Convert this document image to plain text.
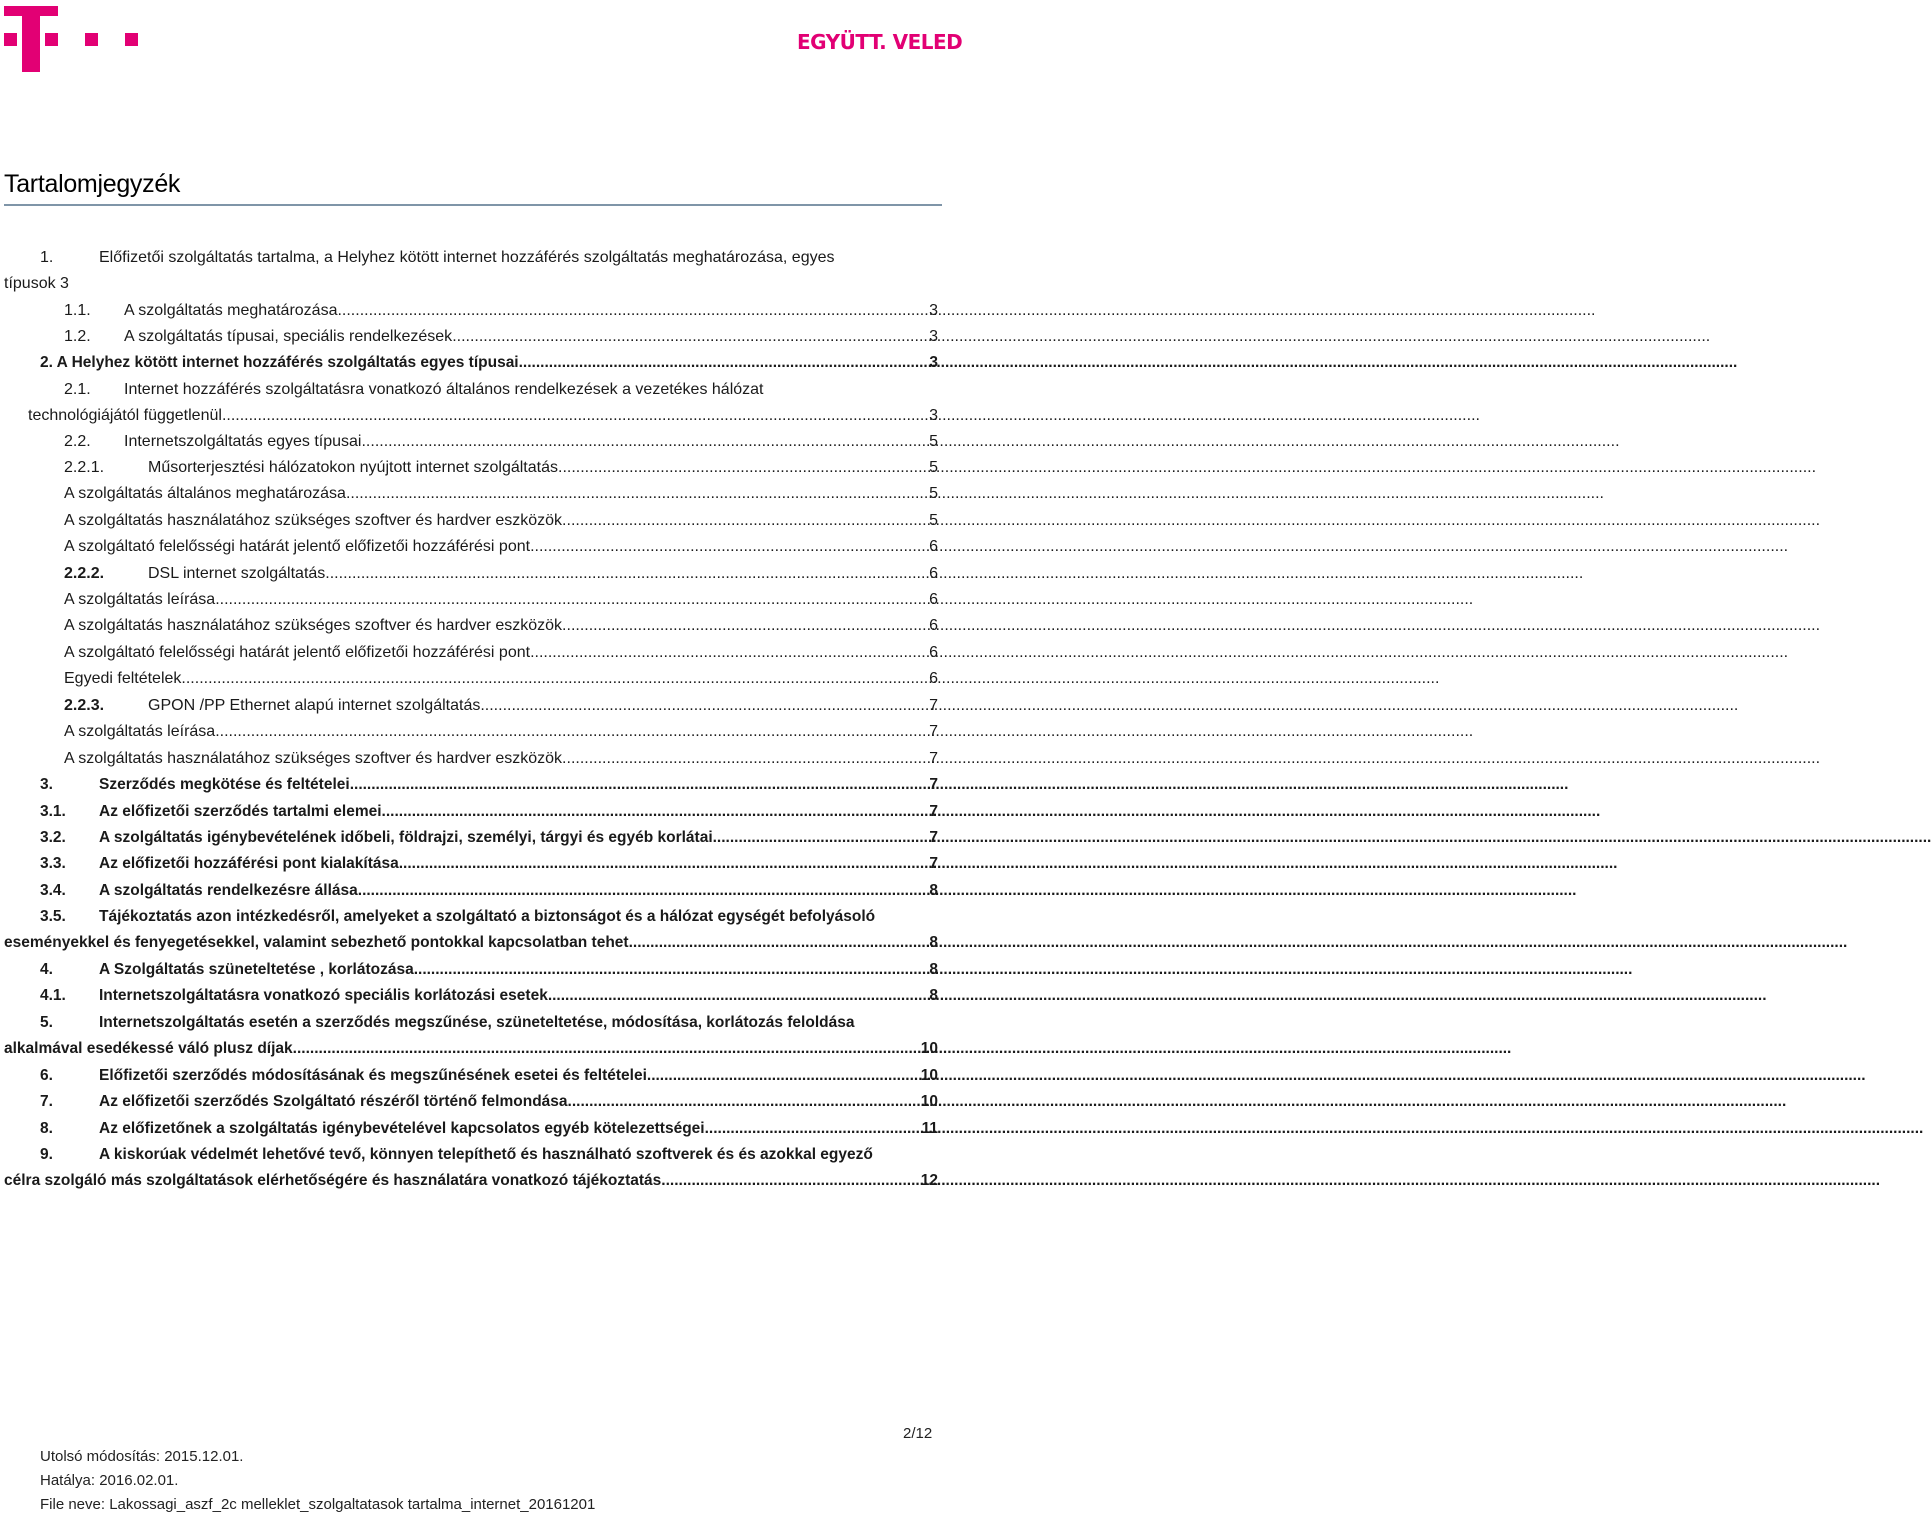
EGYÜTT. VELED
Tartalomjegyzék
1.	Előfizetői szolgáltatás tartalma, a Helyhez kötött internet hozzáférés szolgáltatás meghatározása, egyes
típusok 3
1.1.	A szolgáltatás meghatározása .....	3
1.2.	A szolgáltatás típusai, speciális rendelkezések .....	3
2. A Helyhez kötött internet hozzáférés szolgáltatás egyes típusai .....	3
2.1. Internet hozzáférés szolgáltatásra vonatkozó általános rendelkezések a vezetékes hálózat
technológiájától függetlenül .....	3
2.2.	Internetszolgáltatás egyes típusai .....	5
2.2.1.	Műsorterjesztési hálózatokon nyújtott internet szolgáltatás .....	5
A szolgáltatás általános meghatározása .....	5
A szolgáltatás használatához szükséges szoftver és hardver eszközök .....	5
A szolgáltató felelősségi határát jelentő előfizetői hozzáférési pont .....	6
2.2.2.	DSL internet szolgáltatás .....	6
A szolgáltatás leírása .....	6
A szolgáltatás használatához szükséges szoftver és hardver eszközök .....	6
A szolgáltató felelősségi határát jelentő előfizetői hozzáférési pont .....	6
Egyedi feltételek .....	6
2.2.3.	GPON /PP Ethernet alapú internet szolgáltatás .....	7
A szolgáltatás leírása .....	7
A szolgáltatás használatához szükséges szoftver és hardver eszközök .....	7
3.	Szerződés megkötése és feltételei .....	7
3.1.	Az előfizetői szerződés tartalmi elemei .....	7
3.2.	A szolgáltatás igénybevételének időbeli, földrajzi, személyi, tárgyi és egyéb korlátai .....	7
3.3.	Az előfizetői hozzáférési pont kialakítása .....	7
3.4.	A szolgáltatás rendelkezésre állása .....	8
3.5. Tájékoztatás azon intézkedésről, amelyeket a szolgáltató a biztonságot és a hálózat egységét befolyásoló
eseményekkel és fenyegetésekkel, valamint sebezhető pontokkal kapcsolatban tehet .....	8
4.	A Szolgáltatás szüneteltetése , korlátozása .....	8
4.1.	Internetszolgáltatásra vonatkozó speciális korlátozási esetek .....	8
5.	Internetszolgáltatás esetén a szerződés megszűnése, szüneteltetése, módosítása, korlátozás feloldása
alkalmával esedékessé váló plusz díjak .....	10
6.	Előfizetői szerződés módosításának és megszűnésének esetei és feltételei .....	10
7.	Az előfizetői szerződés Szolgáltató részéről történő felmondása .....	10
8.	Az előfizetőnek a szolgáltatás igénybevételével kapcsolatos egyéb kötelezettségei .....	11
9.	A kiskorúak védelmét lehetővé tevő, könnyen telepíthető és használható szoftverek és és azokkal egyező
célra szolgáló más szolgáltatások elérhetőségére és használatára vonatkozó tájékoztatás .....	12
2/12
Utolsó módosítás: 2015.12.01.
Hatálya: 2016.02.01.
File neve: Lakossagi_aszf_2c melleklet_szolgaltatasok tartalma_internet_20161201
